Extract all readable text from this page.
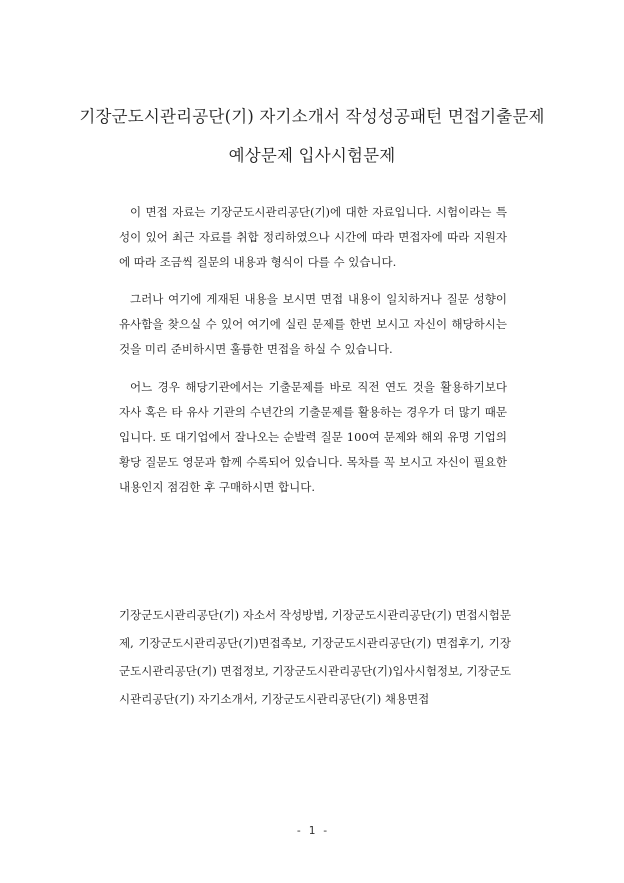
기장군도시관리공단(기) 자기소개서 작성성공패턴 면접기출문제
예상문제 입사시험문제
이 면접 자료는 기장군도시관리공단(기)에 대한 자료입니다. 시험이라는 특성이 있어 최근 자료를 취합 정리하였으나 시간에 따라 면접자에 따라 지원자에 따라 조금씩 질문의 내용과 형식이 다를 수 있습니다.
그러나 여기에 게재된 내용을 보시면 면접 내용이 일치하거나 질문 성향이 유사함을 찾으실 수 있어 여기에 실린 문제를 한번 보시고 자신이 해당하시는 것을 미리 준비하시면 훌륭한 면접을 하실 수 있습니다.
어느 경우 해당기관에서는 기출문제를 바로 직전 연도 것을 활용하기보다 자사 혹은 타 유사 기관의 수년간의 기출문제를 활용하는 경우가 더 많기 때문입니다. 또 대기업에서 잘나오는 순발력 질문 100여 문제와 해외 유명 기업의 황당 질문도 영문과 함께 수록되어 있습니다. 목차를 꼭 보시고 자신이 필요한 내용인지 점검한 후 구매하시면 합니다.
기장군도시관리공단(기) 자소서 작성방법, 기장군도시관리공단(기) 면접시험문제, 기장군도시관리공단(기)면접족보, 기장군도시관리공단(기) 면접후기, 기장군도시관리공단(기) 면접정보, 기장군도시관리공단(기)입사시험정보, 기장군도시관리공단(기) 자기소개서, 기장군도시관리공단(기) 채용면접
- 1 -
